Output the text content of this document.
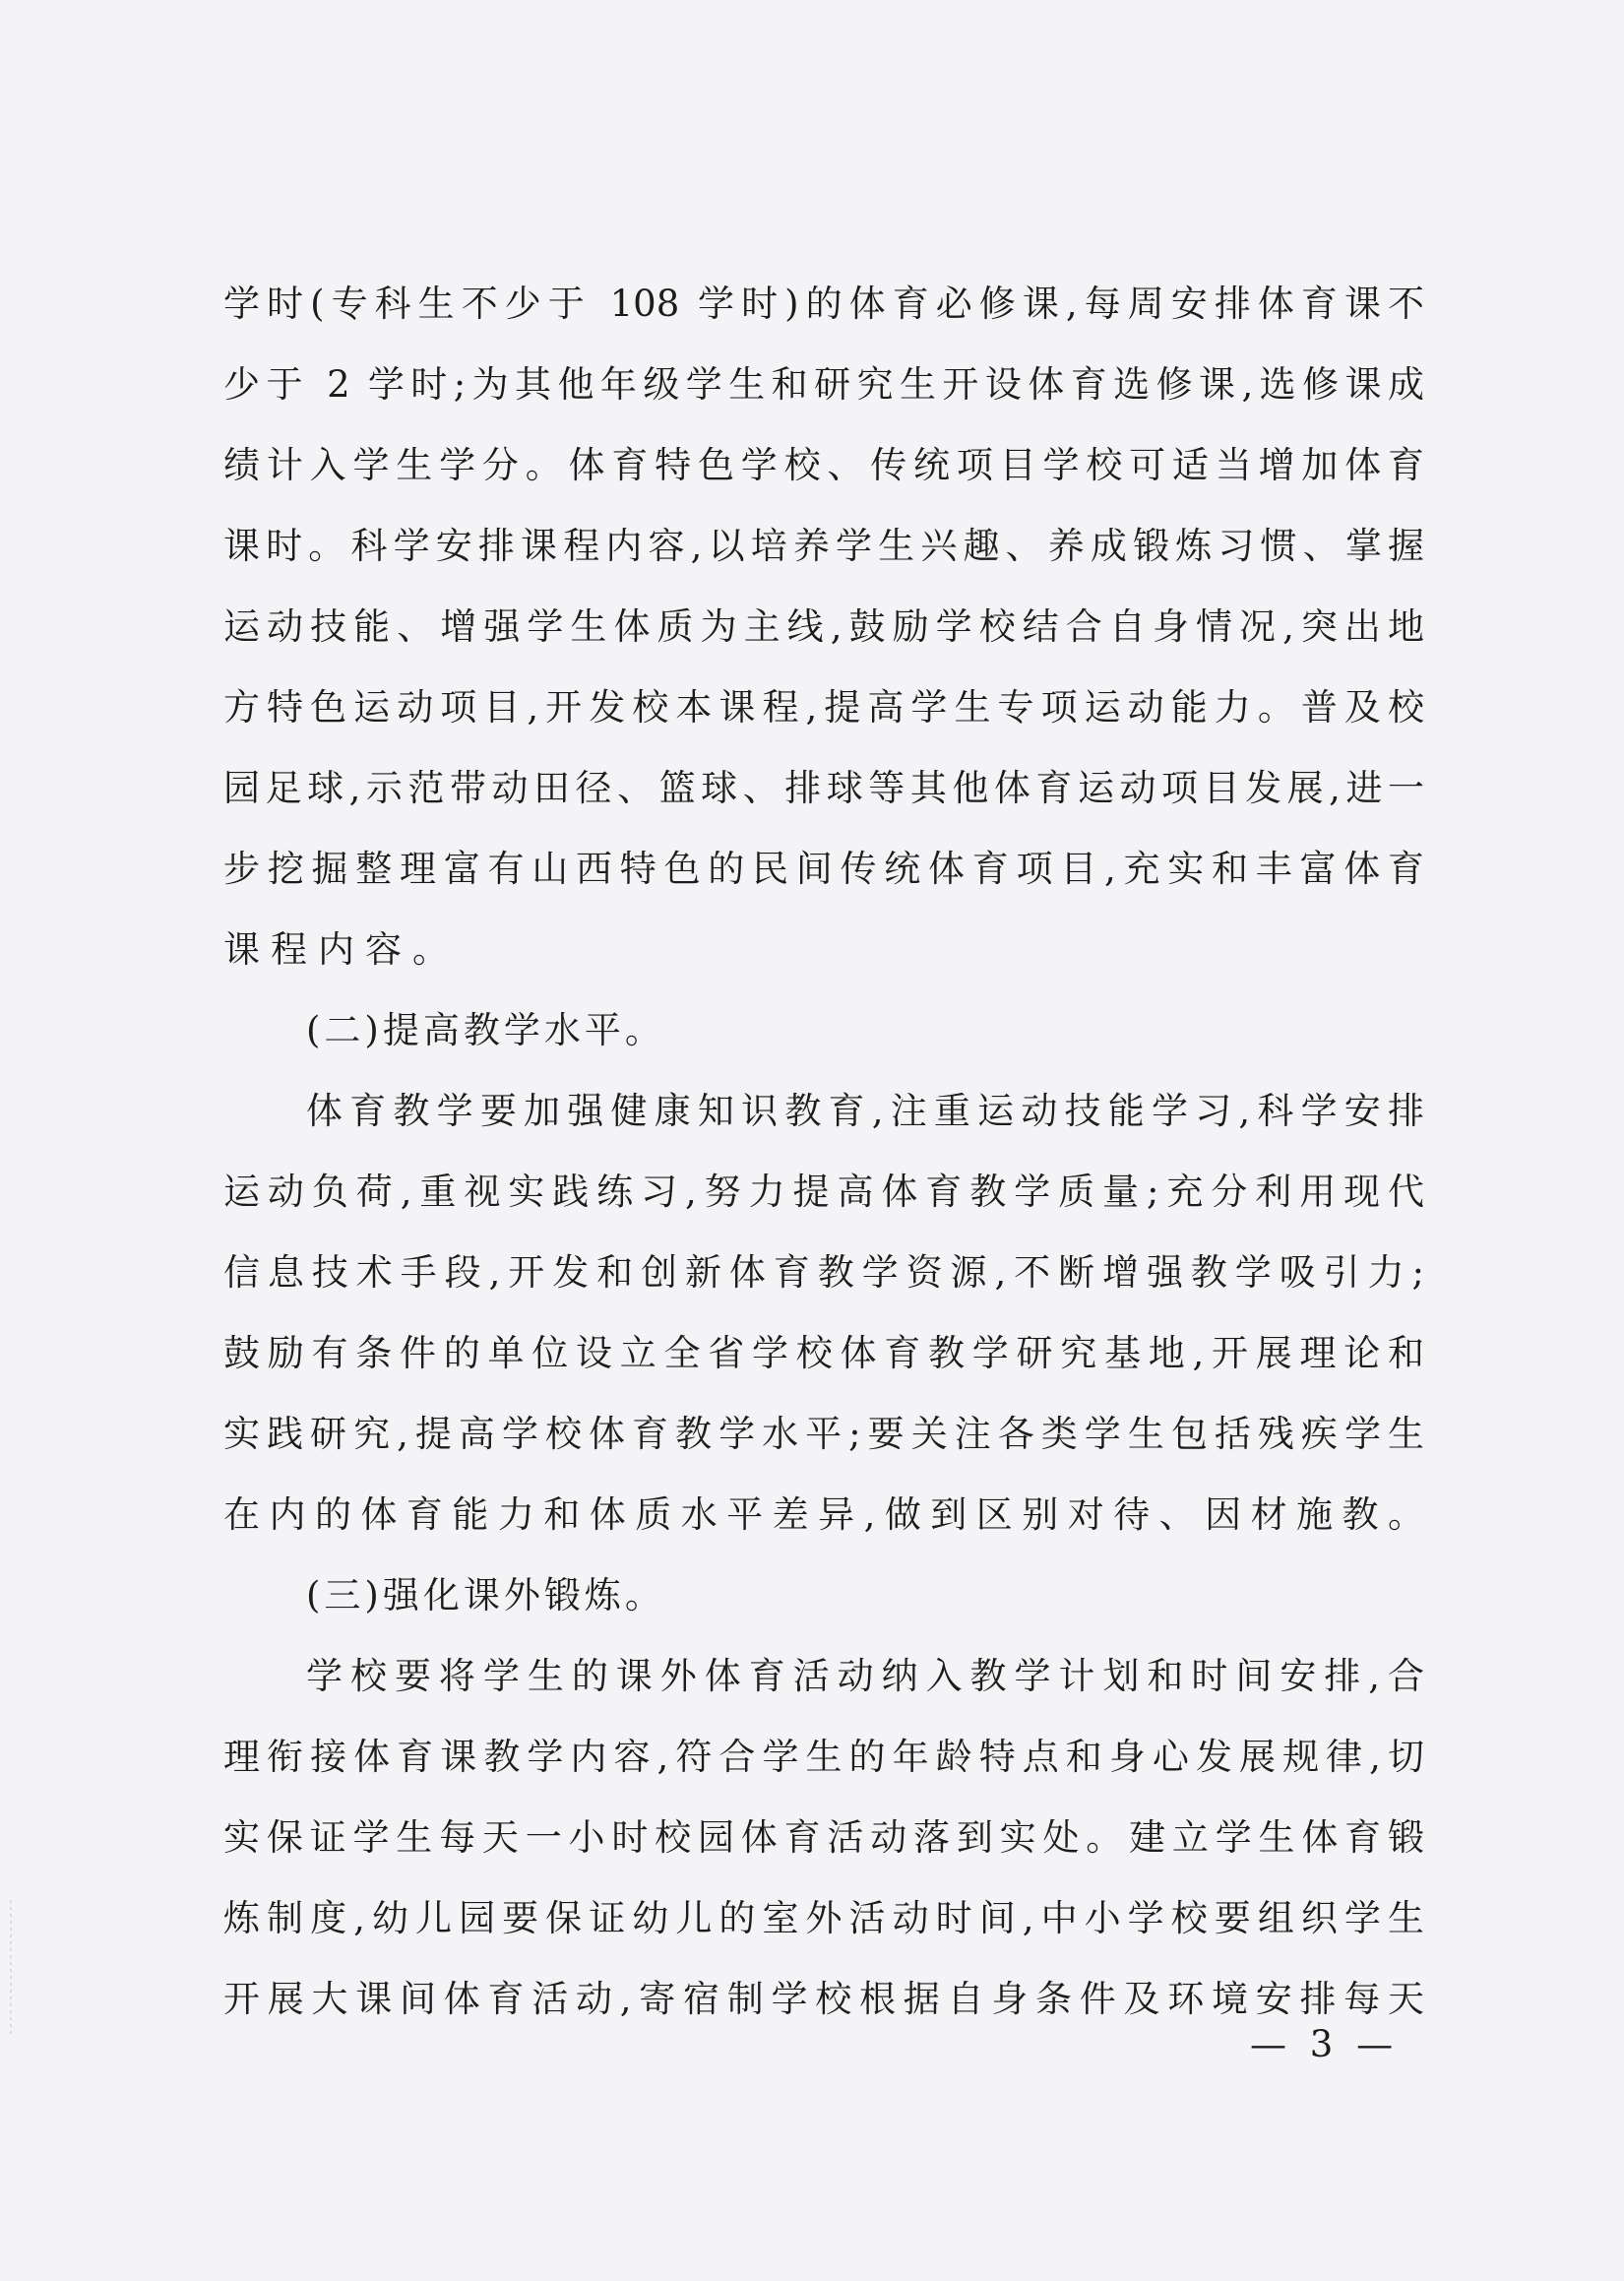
学时(专科生不少于 108 学时)的体育必修课,每周安排体育课不
少于 2 学时;为其他年级学生和研究生开设体育选修课,选修课成
绩计入学生学分。体育特色学校、传统项目学校可适当增加体育
课时。科学安排课程内容,以培养学生兴趣、养成锻炼习惯、掌握
运动技能、增强学生体质为主线,鼓励学校结合自身情况,突出地
方特色运动项目,开发校本课程,提高学生专项运动能力。普及校
园足球,示范带动田径、篮球、排球等其他体育运动项目发展,进一
步挖掘整理富有山西特色的民间传统体育项目,充实和丰富体育
课程内容。
(二)提高教学水平。
体育教学要加强健康知识教育,注重运动技能学习,科学安排
运动负荷,重视实践练习,努力提高体育教学质量;充分利用现代
信息技术手段,开发和创新体育教学资源,不断增强教学吸引力;
鼓励有条件的单位设立全省学校体育教学研究基地,开展理论和
实践研究,提高学校体育教学水平;要关注各类学生包括残疾学生
在内的体育能力和体质水平差异,做到区别对待、因材施教。
(三)强化课外锻炼。
学校要将学生的课外体育活动纳入教学计划和时间安排,合
理衔接体育课教学内容,符合学生的年龄特点和身心发展规律,切
实保证学生每天一小时校园体育活动落到实处。建立学生体育锻
炼制度,幼儿园要保证幼儿的室外活动时间,中小学校要组织学生
开展大课间体育活动,寄宿制学校根据自身条件及环境安排每天
— 3 —
